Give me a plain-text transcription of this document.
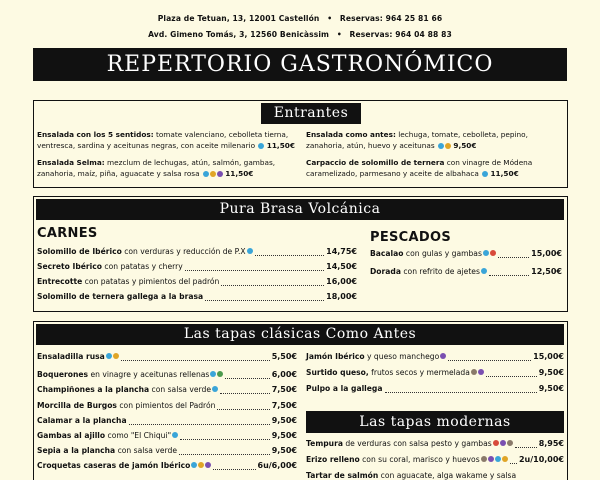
Plaza de Tetuan, 13, 12001 Castellón • Reservas: 964 25 81 66
Avd. Gimeno Tomás, 3, 12560 Benicàssim • Reservas: 964 04 88 83
REPERTORIO GASTRONÓMICO
Entrantes
Ensalada con los 5 sentidos: tomate valenciano, cebolleta tierna, ventresca, sardina y aceitunas negras, con aceite milenario 11,50€
Ensalada Selma: mezclum de lechugas, atún, salmón, gambas, zanahoria, maíz, piña, aguacate y salsa rosa	11,50€
Ensalada como antes: lechuga, tomate, cebolleta, pepino, zanahoria, atún, huevo y aceitunas	9,50€
Carpaccio de solomillo de ternera con vinagre de Módena caramelizado, parmesano y aceite de albahaca 11,50€
Pura Brasa Volcánica
CARNES	PESCADOS
Solomillo de Ibérico con verduras y reducción de P.X	14,75€
Secreto Ibérico con patatas y cherry	14,50€
Entrecotte con patatas y pimientos del padrón	16,00€
Solomillo de ternera gallega a la brasa	18,00€
Bacalao con gulas y gambas	15,00€
Dorada con refrito de ajetes	12,50€
Las tapas clásicas Como Antes
Ensaladilla rusa	5,50€
Boquerones en vinagre y aceitunas rellenas	6,00€
Champiñones a la plancha con salsa verde	7,50€
Morcilla de Burgos con pimientos del Padrón	7,50€
Calamar a la plancha	9,50€
Gambas al ajillo como "El Chiqui"	9,50€
Sepia a la plancha con salsa verde	9,50€
Croquetas caseras de jamón Ibérico	6u/6,00€
Jamón Ibérico y queso manchego	15,00€
Surtido queso, frutos secos y mermelada	9,50€
Pulpo a la gallega	9,50€
Las tapas modernas
Tempura de verduras con salsa pesto y gambas	8,95€
Erizo relleno con su coral, marisco y huevos	2u/10,00€
Tartar de salmón con aguacate, alga wakame y salsa
